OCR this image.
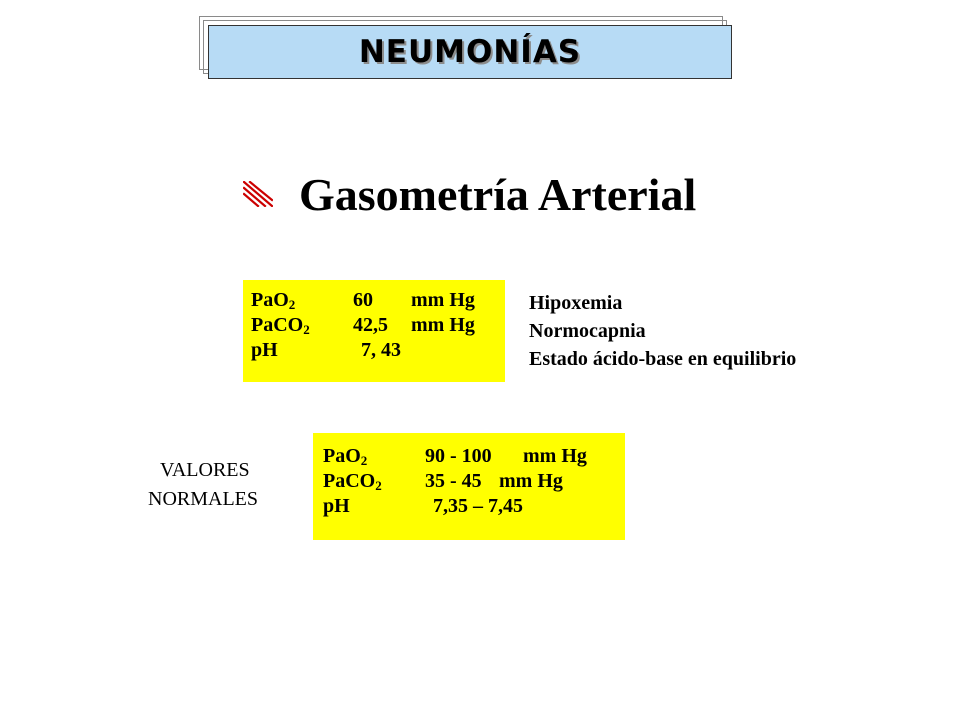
NEUMONÍAS
Gasometría Arterial
PaO$_2$	60 mm Hg
PaCO$_2$ 42,5 mm Hg
pH	7, 43
Hipoxemia
Normocapnia
Estado ácido-base en equilibrio
VALORES
NORMALES
PaO$_2$	90 - 100 mm Hg
PaCO$_2$ 35 - 45 mm Hg
pH	7,35 – 7,45
